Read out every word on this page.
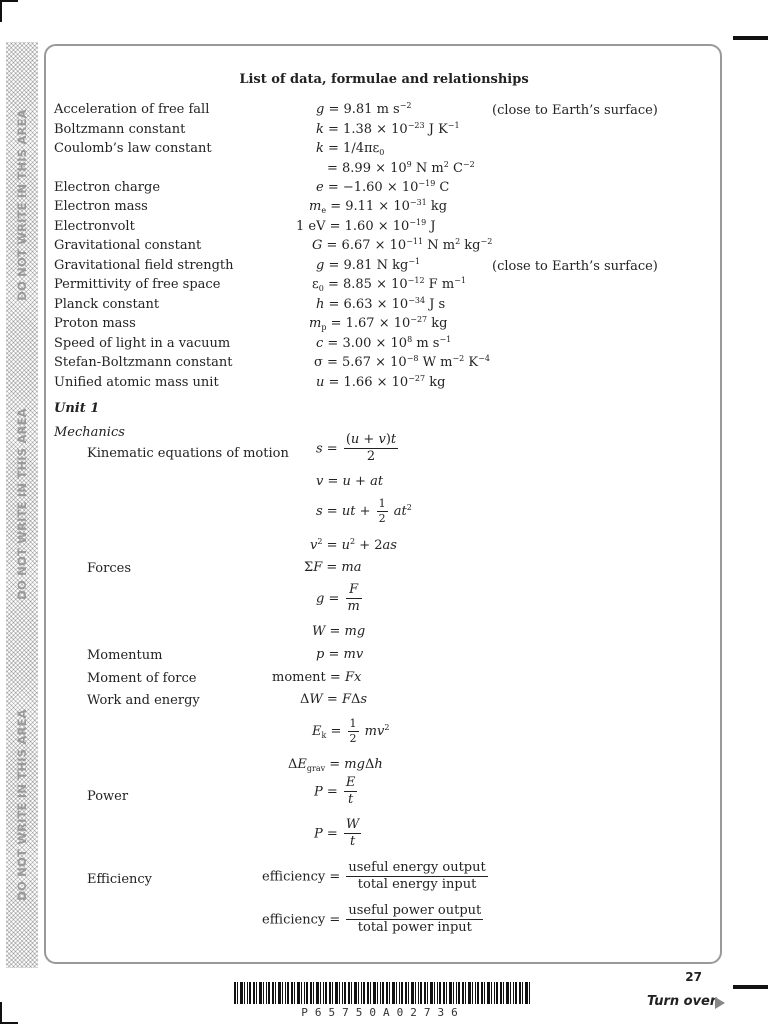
DO NOT WRITE IN THIS AREA
DO NOT WRITE IN THIS AREA
DO NOT WRITE IN THIS AREA
List of data, formulae and relationships
Acceleration of free fall	g = 9.81 m $s^{-2}$	(close to Earth’s surface)
Boltzmann constant	$k = 1.38 \times 10^{-23}$ J $K^{-1}$
Coulomb’s law constant	$k = 1/4\pi\varepsilon_0$
= $8.99 \times 10^9$ N $m^2$ $C^{-2}$
Electron charge	$e = -1.60 \times 10^{-19}$ C
Electron mass	$m_e = 9.11 \times 10^{-31}$ kg
Electronvolt	1 eV = $1.60 \times 10^{-19}$ J
Gravitational constant	$G = 6.67 \times 10^{-11}$ N $m^2$ $kg^{-2}$
Gravitational field strength	g = 9.81 N $kg^{-1}$	(close to Earth’s surface)
Permittivity of free space	$\varepsilon_0 = 8.85 \times 10^{-12}$ F $m^{-1}$
Planck constant	$h = 6.63 \times 10^{-34}$ J s
Proton mass	$m_p = 1.67 \times 10^{-27}$ kg
Speed of light in a vacuum	$c = 3.00 \times 10^8$ m $s^{-1}$
Stefan-Boltzmann constant	$\sigma = 5.67 \times 10^{-8}$ W $m^{-2}$ $K^{-4}$
Unified atomic mass unit	$u = 1.66 \times 10^{-27}$ kg
Unit 1
Mechanics
Kinematic equations of motion $s = \frac{(u + v)t}{2}$
v = u + at
s = ut + $\frac{1}{2} at^2$
$v^2 = u^2 + 2as$
Forces	ΣF = ma
$g = \frac{F}{m}$
W = mg
Momentum	p = mv
Moment of force	moment = Fx
Work and energy	ΔW = FΔs
$E_k = \frac{1}{2} mv^2$
$\Delta E_{grav} = mg\Delta h$
Power	$P = \frac{E}{t}$
$P = \frac{W}{t}$
Efficiency	efficiency = $\frac{\text{useful energy output}}{\text{total energy input}}$
efficiency = $\frac{\text{useful power output}}{\text{total power input}}$
27
P65750A02736
Turn over
